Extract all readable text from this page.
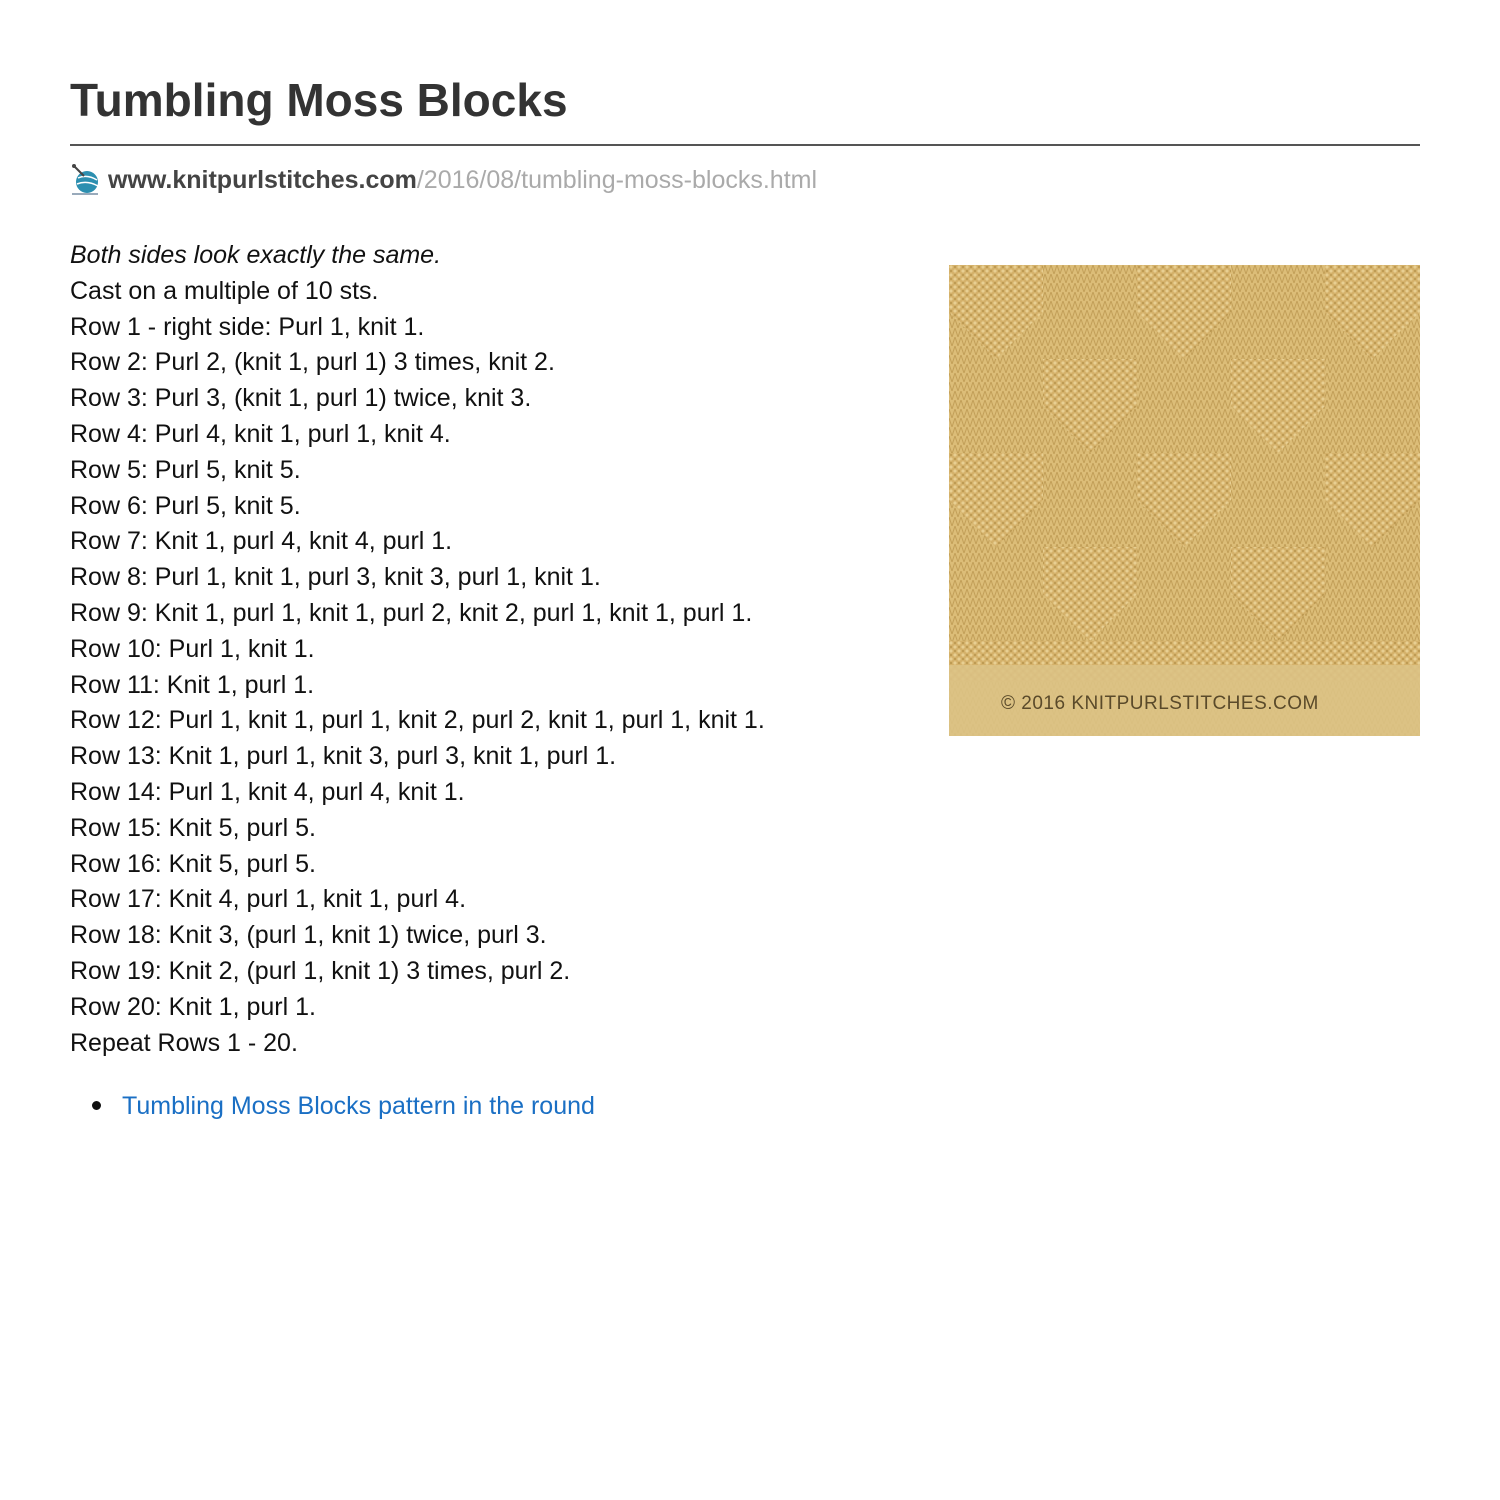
Tumbling Moss Blocks
www.knitpurlstitches.com /2016/08/tumbling-moss-blocks.html
Both sides look exactly the same.
Cast on a multiple of 10 sts.
Row 1 - right side: Purl 1, knit 1.
Row 2: Purl 2, (knit 1, purl 1) 3 times, knit 2.
Row 3: Purl 3, (knit 1, purl 1) twice, knit 3.
Row 4: Purl 4, knit 1, purl 1, knit 4.
Row 5: Purl 5, knit 5.
Row 6: Purl 5, knit 5.
Row 7: Knit 1, purl 4, knit 4, purl 1.
Row 8: Purl 1, knit 1, purl 3, knit 3, purl 1, knit 1.
Row 9: Knit 1, purl 1, knit 1, purl 2, knit 2, purl 1, knit 1, purl 1.
Row 10: Purl 1, knit 1.
Row 11: Knit 1, purl 1.
Row 12: Purl 1, knit 1, purl 1, knit 2, purl 2, knit 1, purl 1, knit 1.
Row 13: Knit 1, purl 1, knit 3, purl 3, knit 1, purl 1.
Row 14: Purl 1, knit 4, purl 4, knit 1.
Row 15: Knit 5, purl 5.
Row 16: Knit 5, purl 5.
Row 17: Knit 4, purl 1, knit 1, purl 4.
Row 18: Knit 3, (purl 1, knit 1) twice, purl 3.
Row 19: Knit 2, (purl 1, knit 1) 3 times, purl 2.
Row 20: Knit 1, purl 1.
Repeat Rows 1 - 20.
© 2016 KNITPURLSTITCHES.COM
Tumbling Moss Blocks pattern in the round
